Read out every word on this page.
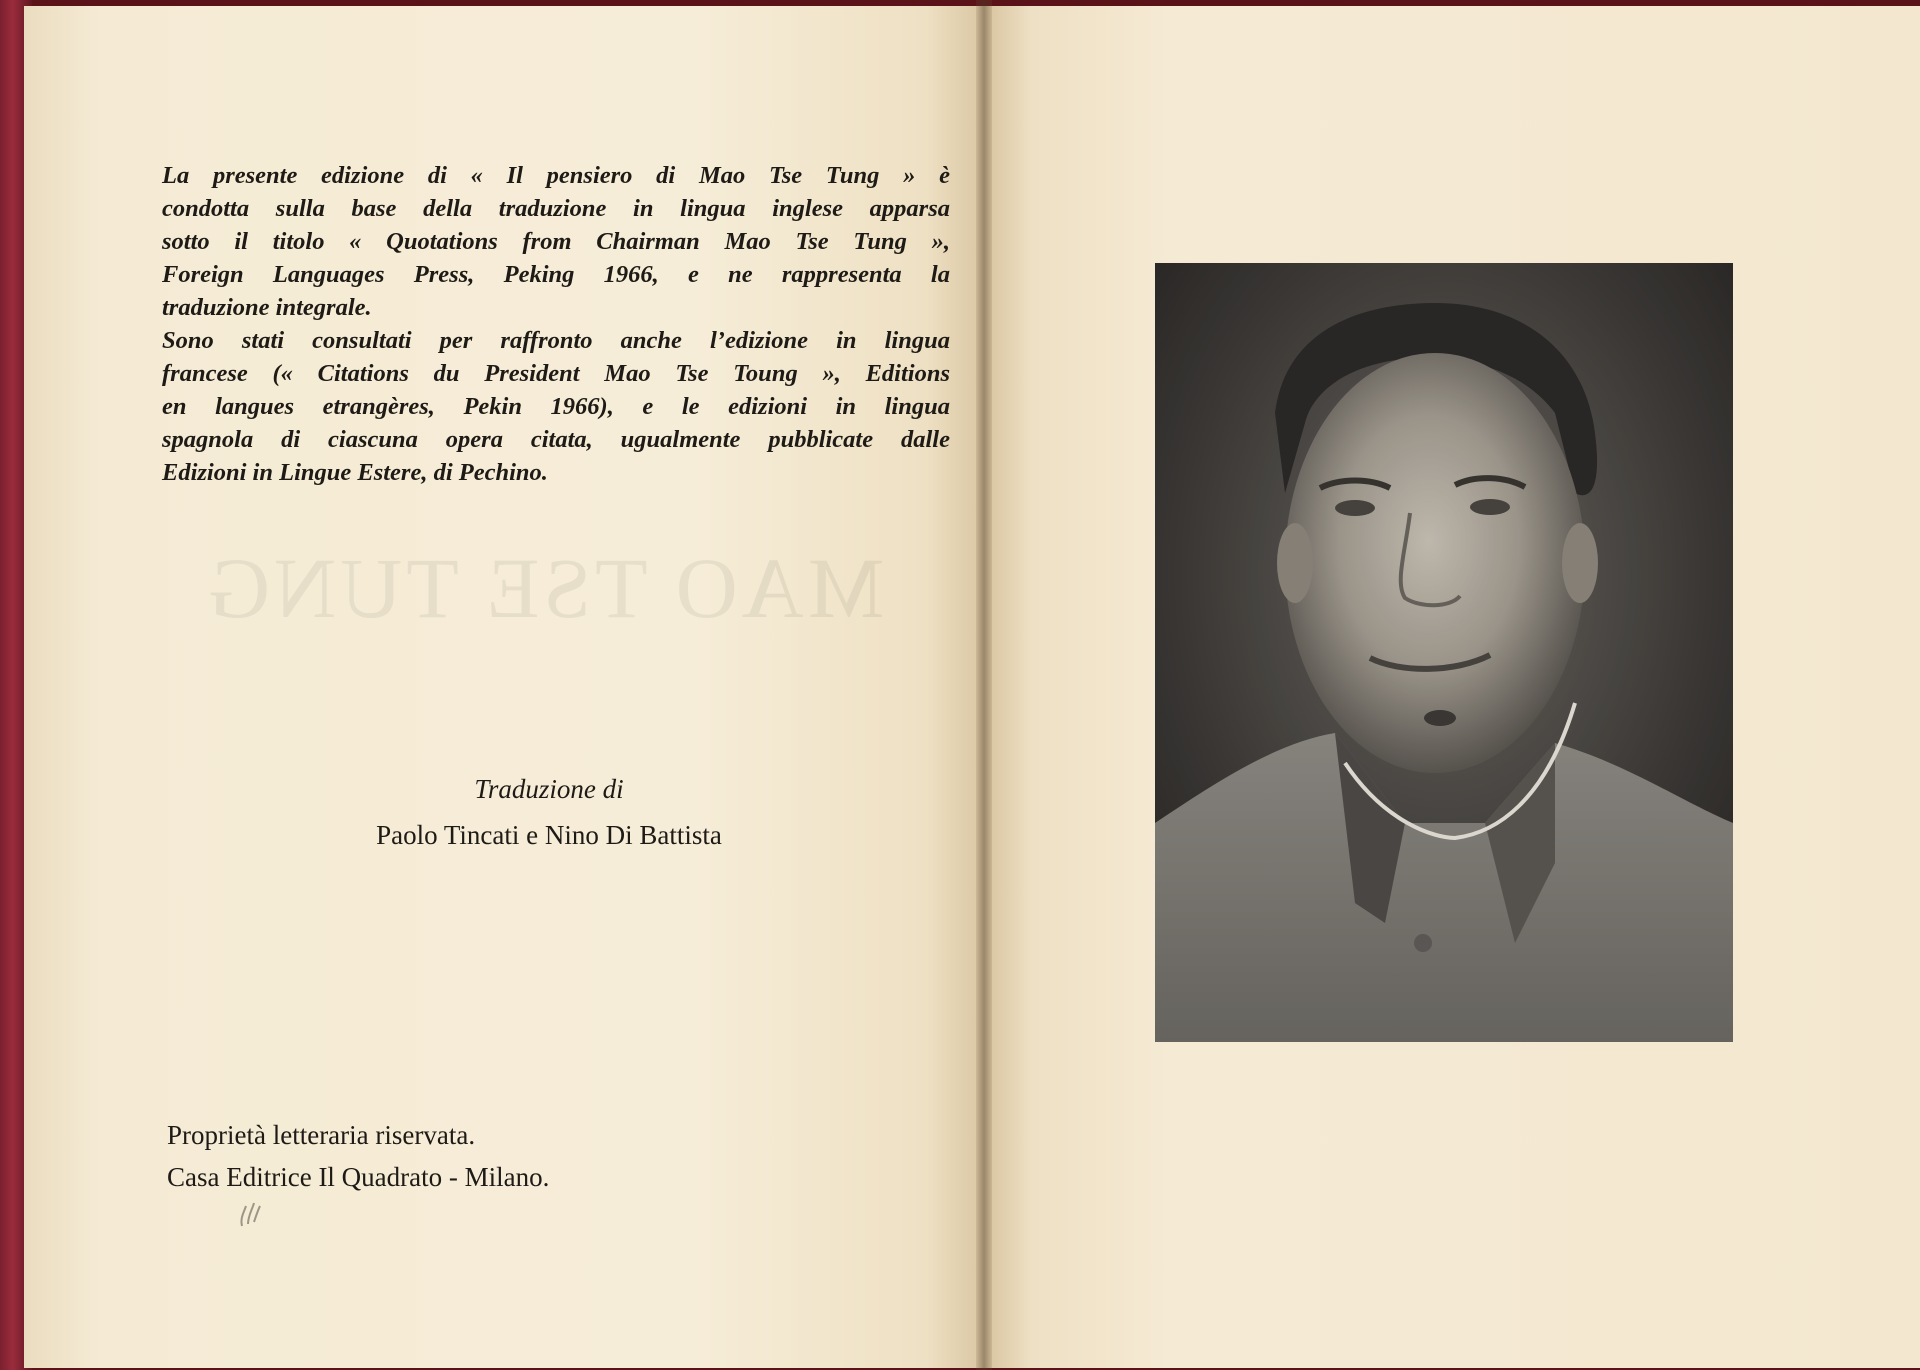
MAO TSE TUNG
La presente edizione di « Il pensiero di Mao Tse Tung » è
condotta sulla base della traduzione in lingua inglese apparsa
sotto il titolo « Quotations from Chairman Mao Tse Tung »,
Foreign Languages Press, Peking 1966, e ne rappresenta la
traduzione integrale.
Sono stati consultati per raffronto anche l’edizione in lingua
francese (« Citations du President Mao Tse Toung », Editions
en langues etrangères, Pekin 1966), e le edizioni in lingua
spagnola di ciascuna opera citata, ugualmente pubblicate dalle
Edizioni in Lingue Estere, di Pechino.
Traduzione di
Paolo Tincati e Nino Di Battista
Proprietà letteraria riservata.
Casa Editrice Il Quadrato - Milano.
